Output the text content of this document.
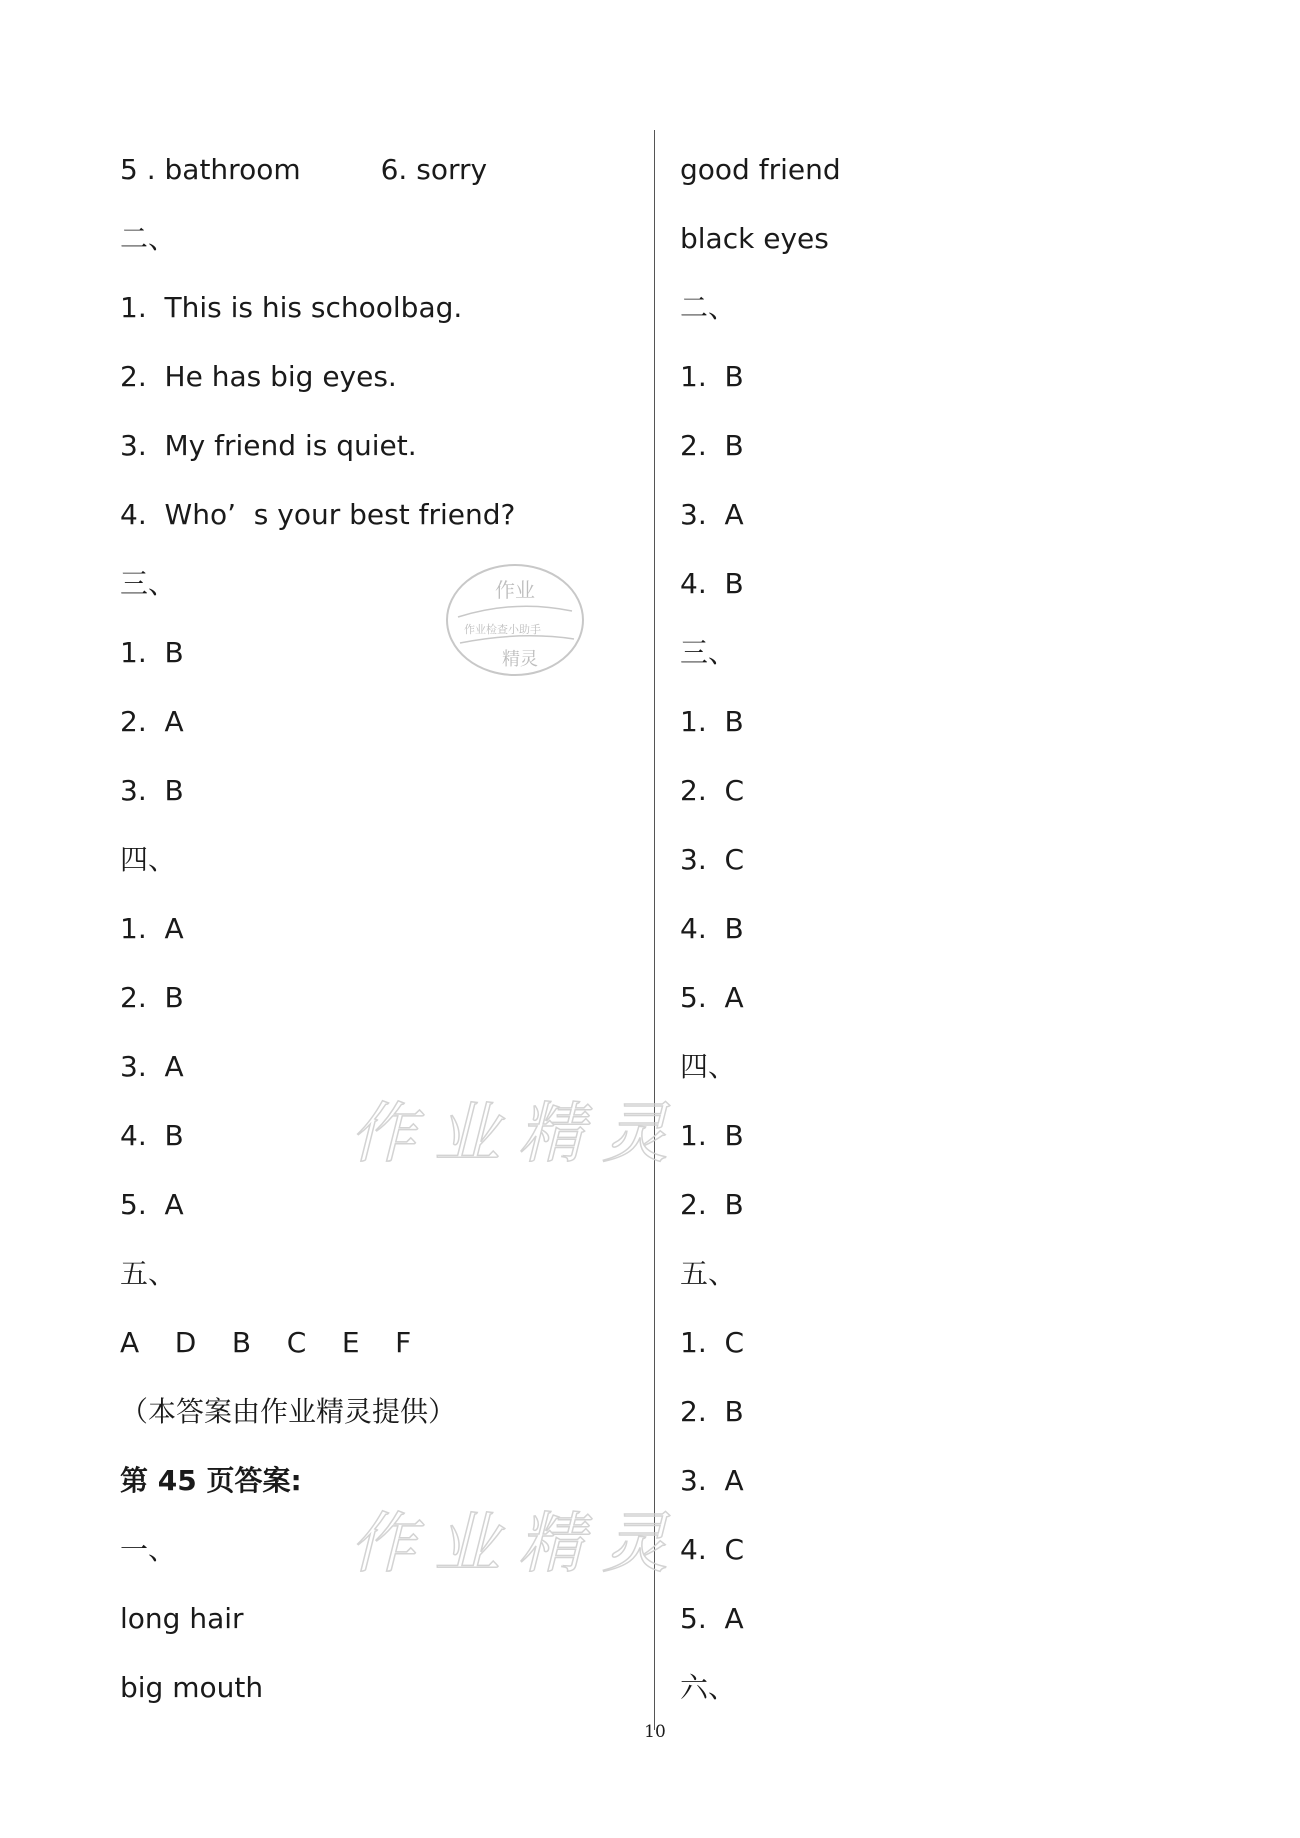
5 . bathroom	6. sorry
二、
1.  This is his schoolbag.
2.  He has big eyes.
3.  My friend is quiet.
4.  Who’  s your best friend?
三、
1.  B
2.  A
3.  B
四、
1.  A
2.  B
3.  A
4.  B
5.  A
五、
A    D    B    C    E    F
（本答案由作业精灵提供）
第 45 页答案:
一、
long hair
big mouth
good friend
black eyes
二、
1.  B
2.  B
3.  A
4.  B
三、
1.  B
2.  C
3.  C
4.  B
5.  A
四、
1.  B
2.  B
五、
1.  C
2.  B
3.  A
4.  C
5.  A
六、
作业
作业检查小助手
精灵
作业精灵
作业精灵
10
